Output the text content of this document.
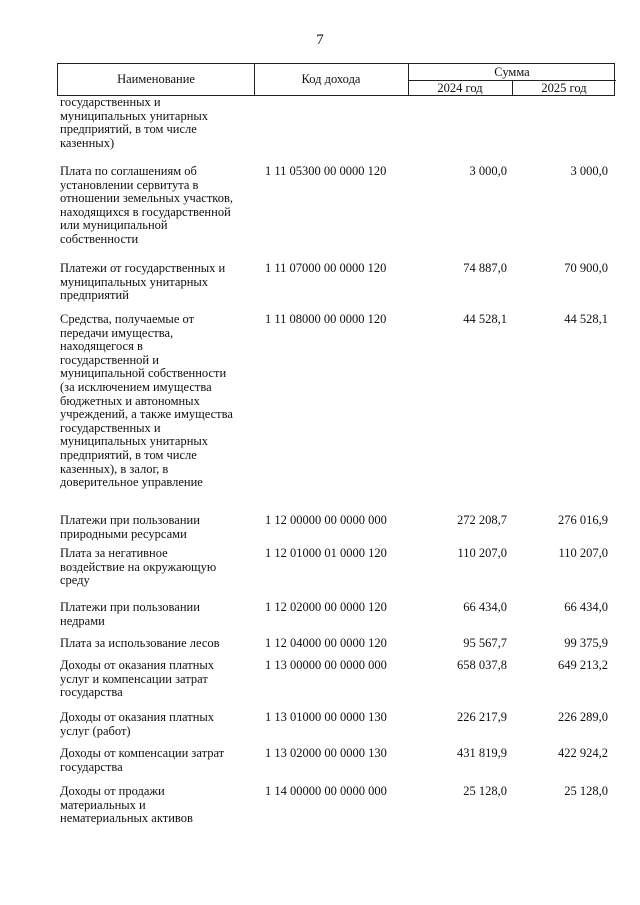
7
Наименование	Код дохода	Сумма
2024 год	2025 год
государственных и
муниципальных унитарных
предприятий, в том числе
казенных)
Плата по соглашениям об
установлении сервитута в
отношении земельных участков,
находящихся в государственной
или муниципальной
собственности
1 11 05300 00 0000 120	3 000,0	3 000,0
Платежи от государственных и
муниципальных унитарных
предприятий
1 11 07000 00 0000 120	74 887,0	70 900,0
Средства, получаемые от
передачи имущества,
находящегося в
государственной и
муниципальной собственности
(за исключением имущества
бюджетных и автономных
учреждений, а также имущества
государственных и
муниципальных унитарных
предприятий, в том числе
казенных), в залог, в
доверительное управление
1 11 08000 00 0000 120	44 528,1	44 528,1
Платежи при пользовании
природными ресурсами
1 12 00000 00 0000 000	272 208,7	276 016,9
Плата за негативное
воздействие на окружающую
среду
1 12 01000 01 0000 120	110 207,0	110 207,0
Платежи при пользовании
недрами
1 12 02000 00 0000 120	66 434,0	66 434,0
Плата за использование лесов	1 12 04000 00 0000 120	95 567,7	99 375,9
Доходы от оказания платных
услуг и компенсации затрат
государства
1 13 00000 00 0000 000	658 037,8	649 213,2
Доходы от оказания платных
услуг (работ)
1 13 01000 00 0000 130	226 217,9	226 289,0
Доходы от компенсации затрат
государства
1 13 02000 00 0000 130	431 819,9	422 924,2
Доходы от продажи
материальных и
нематериальных активов
1 14 00000 00 0000 000	25 128,0	25 128,0
